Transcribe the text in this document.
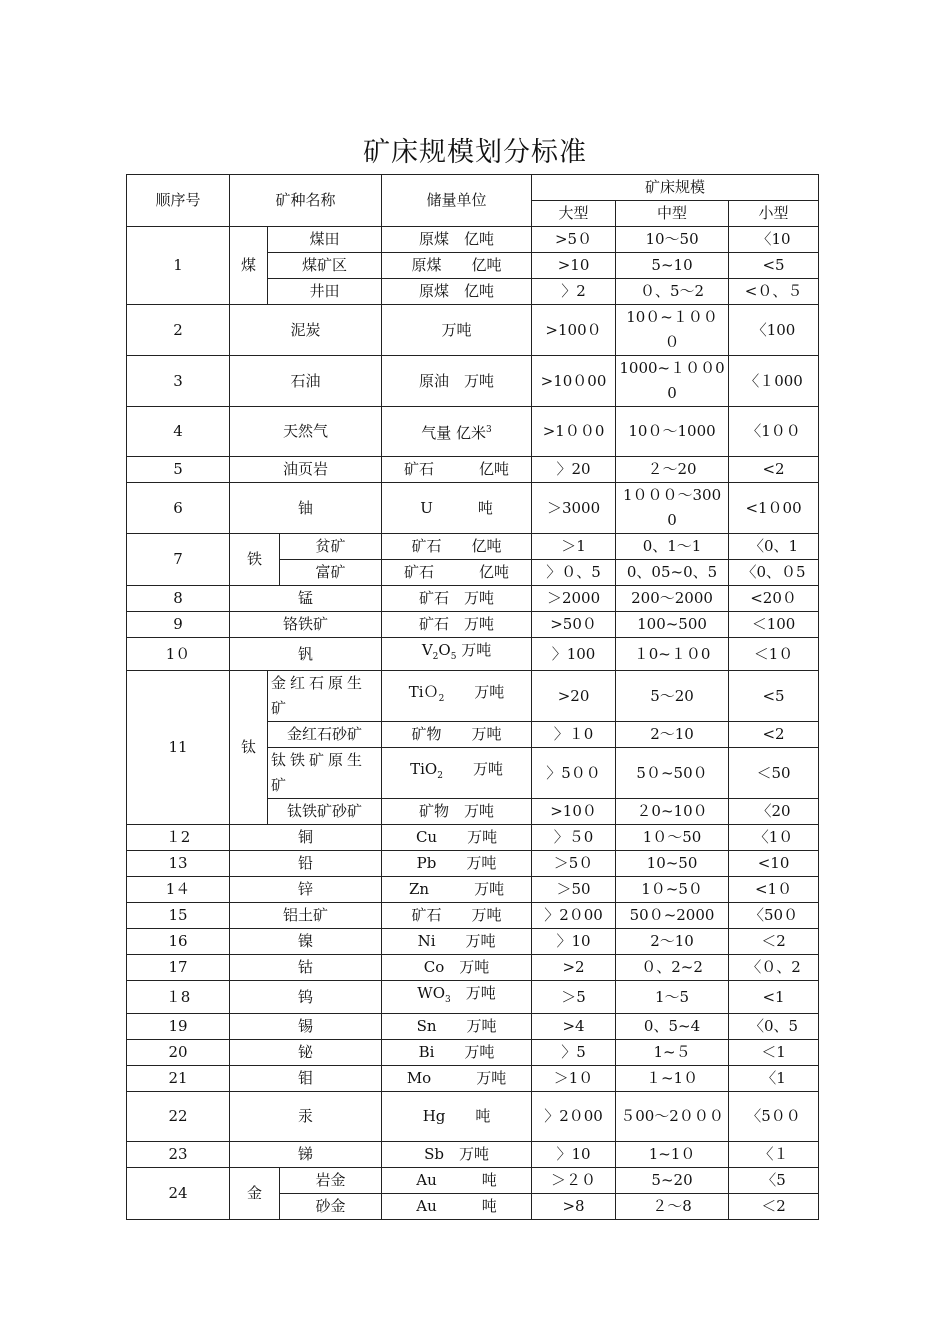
矿床规模划分标准
顺序号	矿种名称			储量单位	矿床规模		
					大型	中型	小型
1	煤	煤田		原煤　亿吨	>5０	10～50	〈10
		煤矿区		原煤　　亿吨	>10	5~10	<5
		井田		原煤　亿吨	〉2	０、5～2	<０、５
2	泥炭			万吨	>100０	10０~１０００	〈100
3	石油			原油　万吨	>10０00	1000~１００00	〈１000
4	天然气			气量 亿米$^3$	>1００0	10０～1000	〈1００
5	油页岩			矿石　　　亿吨	〉20	２～20	<2
6	铀			U　　　吨	＞3000	1０００～3000	<1０00
7	铁		贫矿	矿石　　亿吨	＞1	0、1～1	〈0、1
			富矿	矿石　　　亿吨	〉０、5	0、05~0、5	〈0、０5
8	锰			矿石　万吨	＞2000	200～2000	<20０
9	铬铁矿			矿石　万吨	>50０	100~500	＜100
1０	钒			$V_2O_5$ 万吨	〉100	１0~１０0	＜1０
11	钛	金红石原生矿		TiＯ$_2$　　万吨	>20	5～20	<5
		金红石砂矿		矿物　　万吨	〉１0	2～10	<2
		钛铁矿原生矿		TiO$_2$　　万吨	〉5００	5０~50０	＜50
		钛铁矿砂矿		矿物　万吨	>10０	２0~10０	〈20
１2	铜			Cu　　万吨	〉５0	1０～50	〈1０
13	铅			Pb　　万吨	＞5０	10~50	<10
1４	锌			Zn　　　万吨	＞50	1０~5０	<1０
15	铝土矿			矿石　　万吨	〉2０00	50０~2000	〈50０
16	镍			Ni　　万吨	〉10	2～10	＜2
17	钴			Co　万吨	>2	０、2~2	〈０、2
１8	钨			$WO_3$　万吨	＞5	1～5	<1
19	锡			Sn　　万吨	>4	0、5~4	〈0、5
20	铋			Bi　　万吨	〉5	1~５	＜1
21	钼			Mo　　　万吨	＞1０	１~1０	〈1
22	汞			Hg　　吨	〉2０00	５00～2０００	〈5００
23	锑			Sb　万吨	〉10	1~1０	〈１
24	金		岩金	Au　　　吨	＞２０	5~20	〈5
			砂金	Au　　　吨	>8	２～8	＜2
